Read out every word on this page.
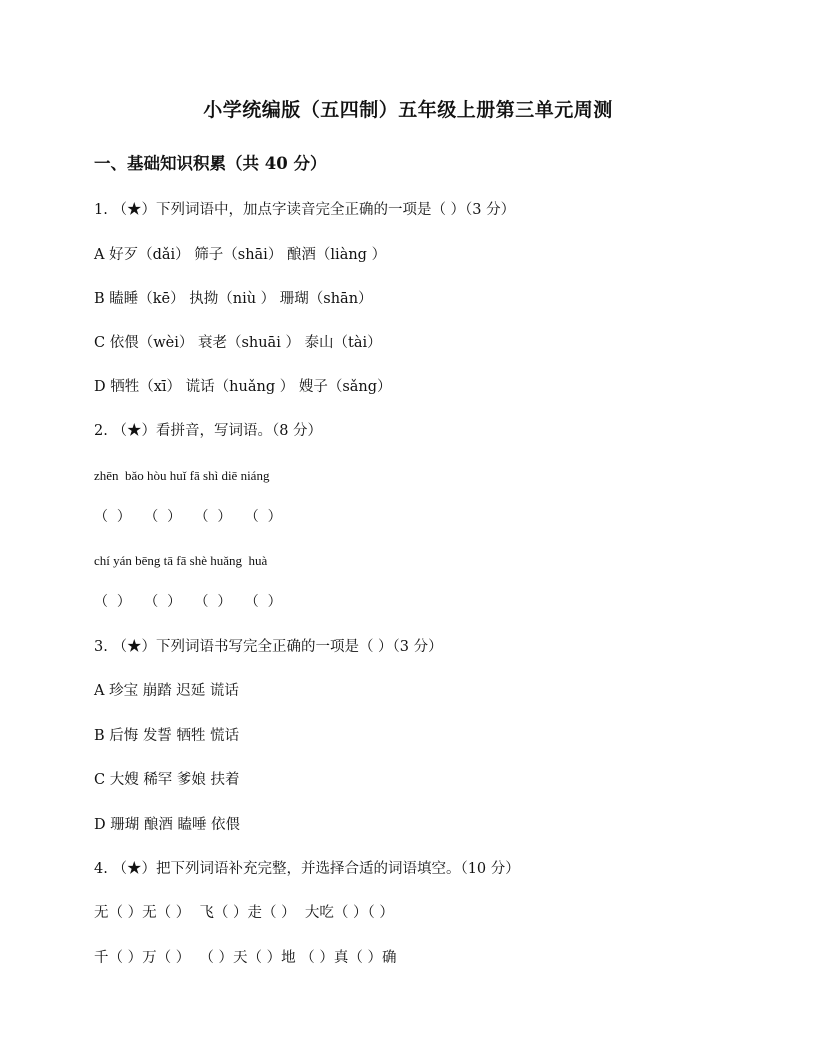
小学统编版（五四制）五年级上册第三单元周测
一、基础知识积累（共 40 分）
1. （★）下列词语中，加点字读音完全正确的一项是（ ）（3 分）
A 好歹（dǎi） 筛子（shāi） 酿酒（liàng ）
B 瞌睡（kē） 执拗（niù ） 珊瑚（shān）
C 依偎（wèi） 衰老（shuāi ） 泰山（tài）
D 牺牲（xī） 谎话（huǎng ） 嫂子（sǎng）
2. （★）看拼音，写词语。（8 分）
zhēn  bǎo hòu huǐ fā shì diē niáng
（  ）   （  ）   （  ）   （  ）
chí yán bēng tā fā shè huǎng  huà
（  ）   （  ）   （  ）   （  ）
3. （★）下列词语书写完全正确的一项是（ ）（3 分）
A 珍宝 崩踏 迟延 谎话
B 后悔 发誓 牺牲 慌话
C 大嫂 稀罕 爹娘 扶着
D 珊瑚 酿酒 瞌唾 依偎
4. （★）把下列词语补充完整，并选择合适的词语填空。（10 分）
无（ ）无（ ）  飞（ ）走（ ）  大吃（ ）（ ）
千（ ）万（ ）  （ ）天（ ）地 （ ）真（ ）确
